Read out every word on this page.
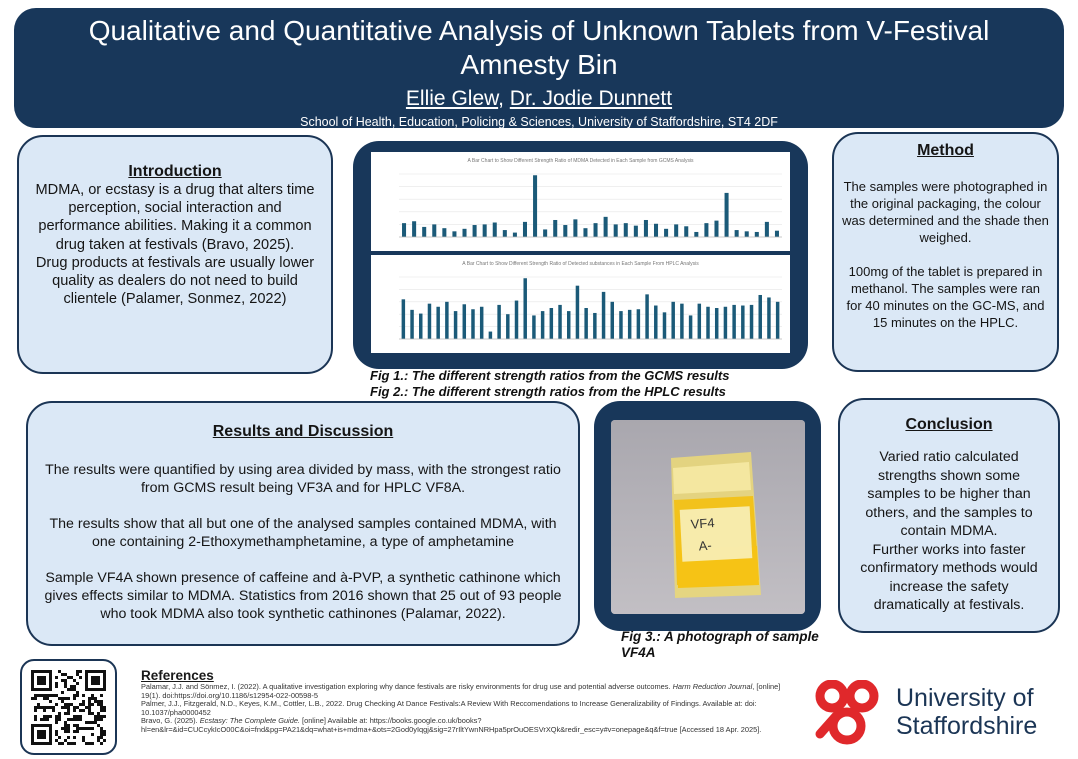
Qualitative and Quantitative Analysis of Unknown Tablets from V-Festival Amnesty Bin
Ellie Glew, Dr. Jodie Dunnett
School of Health, Education, Policing & Sciences, University of Staffordshire, ST4 2DF
Introduction

MDMA, or ecstasy is a drug that alters time perception, social interaction and performance abilities. Making it a common drug taken at festivals (Bravo, 2025).

Drug products at festivals are usually lower quality as dealers do not need to build clientele (Palamer, Sonmez, 2022)

A Bar Chart to Show Different Strength Ratio of MDMA Detected in Each Sample from GCMS Analysis
A Bar Chart to Show Different Strength Ratio of Detected substances in Each Sample From HPLC Analysis
Fig 1.: The different strength ratios from the GCMS results
Fig 2.: The different strength ratios from the HPLC results
Method

The samples were photographed in the original packaging, the colour was determined and the shade then weighed.

100mg of the tablet is prepared in methanol. The samples were ran for 40 minutes on the GC-MS, and 15 minutes on the HPLC.

Results and Discussion

The results were quantified by using area divided by mass, with the strongest ratio from GCMS result being VF3A and for HPLC VF8A.

The results show that all but one of the analysed samples contained MDMA, with one containing 2-Ethoxymethamphetamine, a type of amphetamine

Sample VF4A shown presence of caffeine and à-PVP, a synthetic cathinone which gives effects similar to MDMA. Statistics from 2016 shown that 25 out of 93 people who took MDMA also took synthetic cathinones (Palamar, 2022).

VF4
A-
Fig 3.: A photograph of sample VF4A
Conclusion

Varied ratio calculated strengths shown some samples to be higher than others, and the samples to contain MDMA.

Further works into faster confirmatory methods would increase the safety dramatically at festivals.

References
Palamar, J.J. and Sönmez, I. (2022). A qualitative investigation exploring why dance festivals are risky environments for drug use and potential adverse outcomes. Harm Reduction Journal, [online] 19(1). doi:https://doi.org/10.1186/s12954-022-00598-5
Palmer, J.J., Fitzgerald, N.D., Keyes, K.M., Cottler, L.B., 2022. Drug Checking At Dance Festivals:A Review With Reccomendations to Increase Generalizability of Findings. Available at: doi: 10.1037/pha0000452
Bravo, G. (2025). Ecstasy: The Complete Guide. [online] Available at: https://books.google.co.uk/books?hl=en&lr=&id=CUCcykIcO00C&oi=fnd&pg=PA21&dq=what+is+mdma+&ots=2God0yIqgj&sig=27rIltYwnNRHpa5prOuOESVrXQk&redir_esc=y#v=onepage&q&f=true [Accessed 18 Apr. 2025].
University of
Staffordshire
